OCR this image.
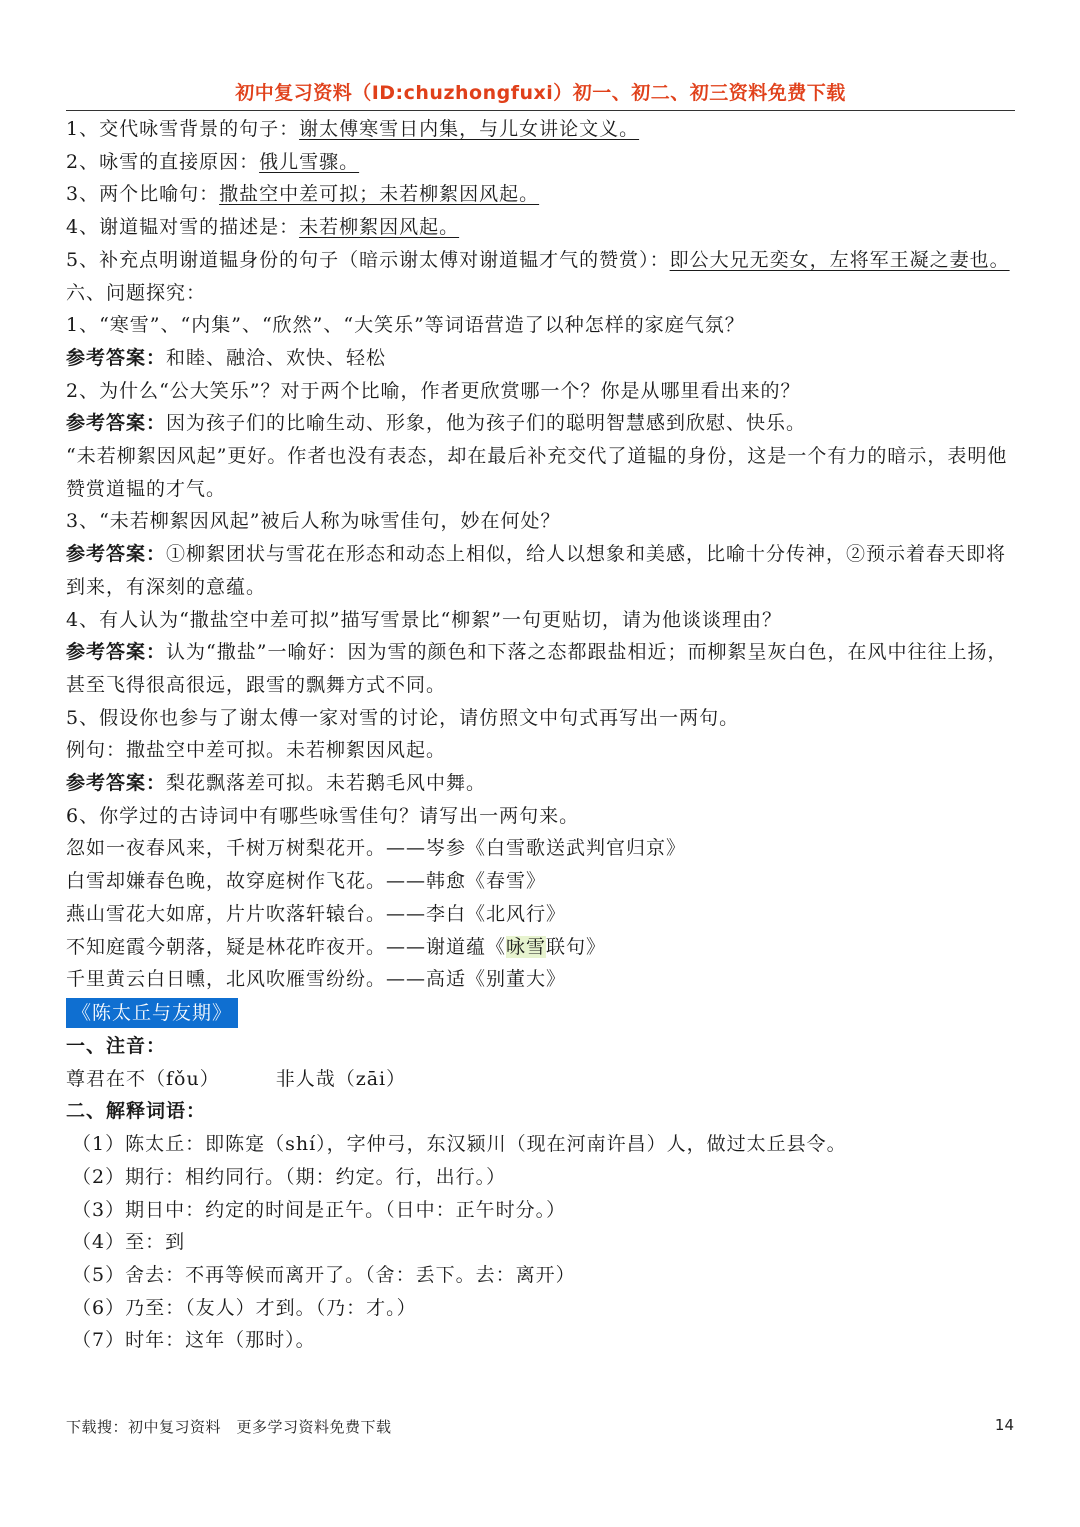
初中复习资料（ID:chuzhongfuxi）初一、初二、初三资料免费下载
1、交代咏雪背景的句子：谢太傅寒雪日内集，与儿女讲论文义。
2、咏雪的直接原因：俄儿雪骤。
3、两个比喻句：撒盐空中差可拟；未若柳絮因风起。
4、谢道韫对雪的描述是：未若柳絮因风起。
5、补充点明谢道韫身份的句子（暗示谢太傅对谢道韫才气的赞赏）：即公大兄无奕女，左将军王凝之妻也。
六、问题探究：
1、“寒雪”、“内集”、“欣然”、“大笑乐”等词语营造了以种怎样的家庭气氛？
参考答案：和睦、融洽、欢快、轻松
2、为什么“公大笑乐”？对于两个比喻，作者更欣赏哪一个？你是从哪里看出来的？
参考答案：因为孩子们的比喻生动、形象，他为孩子们的聪明智慧感到欣慰、快乐。
“未若柳絮因风起”更好。作者也没有表态，却在最后补充交代了道韫的身份，这是一个有力的暗示，表明他赞赏道韫的才气。
3、“未若柳絮因风起”被后人称为咏雪佳句，妙在何处？
参考答案：①柳絮团状与雪花在形态和动态上相似，给人以想象和美感，比喻十分传神，②预示着春天即将到来，有深刻的意蕴。
4、有人认为“撒盐空中差可拟”描写雪景比“柳絮”一句更贴切，请为他谈谈理由？
参考答案：认为“撒盐”一喻好：因为雪的颜色和下落之态都跟盐相近；而柳絮呈灰白色，在风中往往上扬，甚至飞得很高很远，跟雪的飘舞方式不同。
5、假设你也参与了谢太傅一家对雪的讨论，请仿照文中句式再写出一两句。
例句：撒盐空中差可拟。未若柳絮因风起。
参考答案：梨花飘落差可拟。未若鹅毛风中舞。
6、你学过的古诗词中有哪些咏雪佳句？请写出一两句来。
忽如一夜春风来，千树万树梨花开。——岑参《白雪歌送武判官归京》
白雪却嫌春色晚，故穿庭树作飞花。——韩愈《春雪》
燕山雪花大如席，片片吹落轩辕台。——李白《北风行》
不知庭霞今朝落，疑是林花昨夜开。——谢道蕴《咏雪联句》
千里黄云白日曛，北风吹雁雪纷纷。——高适《别董大》
《陈太丘与友期》
一、注音：
尊君在不（fǒu）	非人哉（zāi）
二、解释词语：
（1）陈太丘：即陈寔（shí），字仲弓，东汉颍川（现在河南许昌）人，做过太丘县令。
（2）期行：相约同行。（期：约定。行，出行。）
（3）期日中：约定的时间是正午。（日中：正午时分。）
（4）至：到
（5）舍去：不再等候而离开了。（舍：丢下。去：离开）
（6）乃至：（友人）才到。（乃：才。）
（7）时年：这年（那时）。
下载搜：初中复习资料　更多学习资料免费下载	14
